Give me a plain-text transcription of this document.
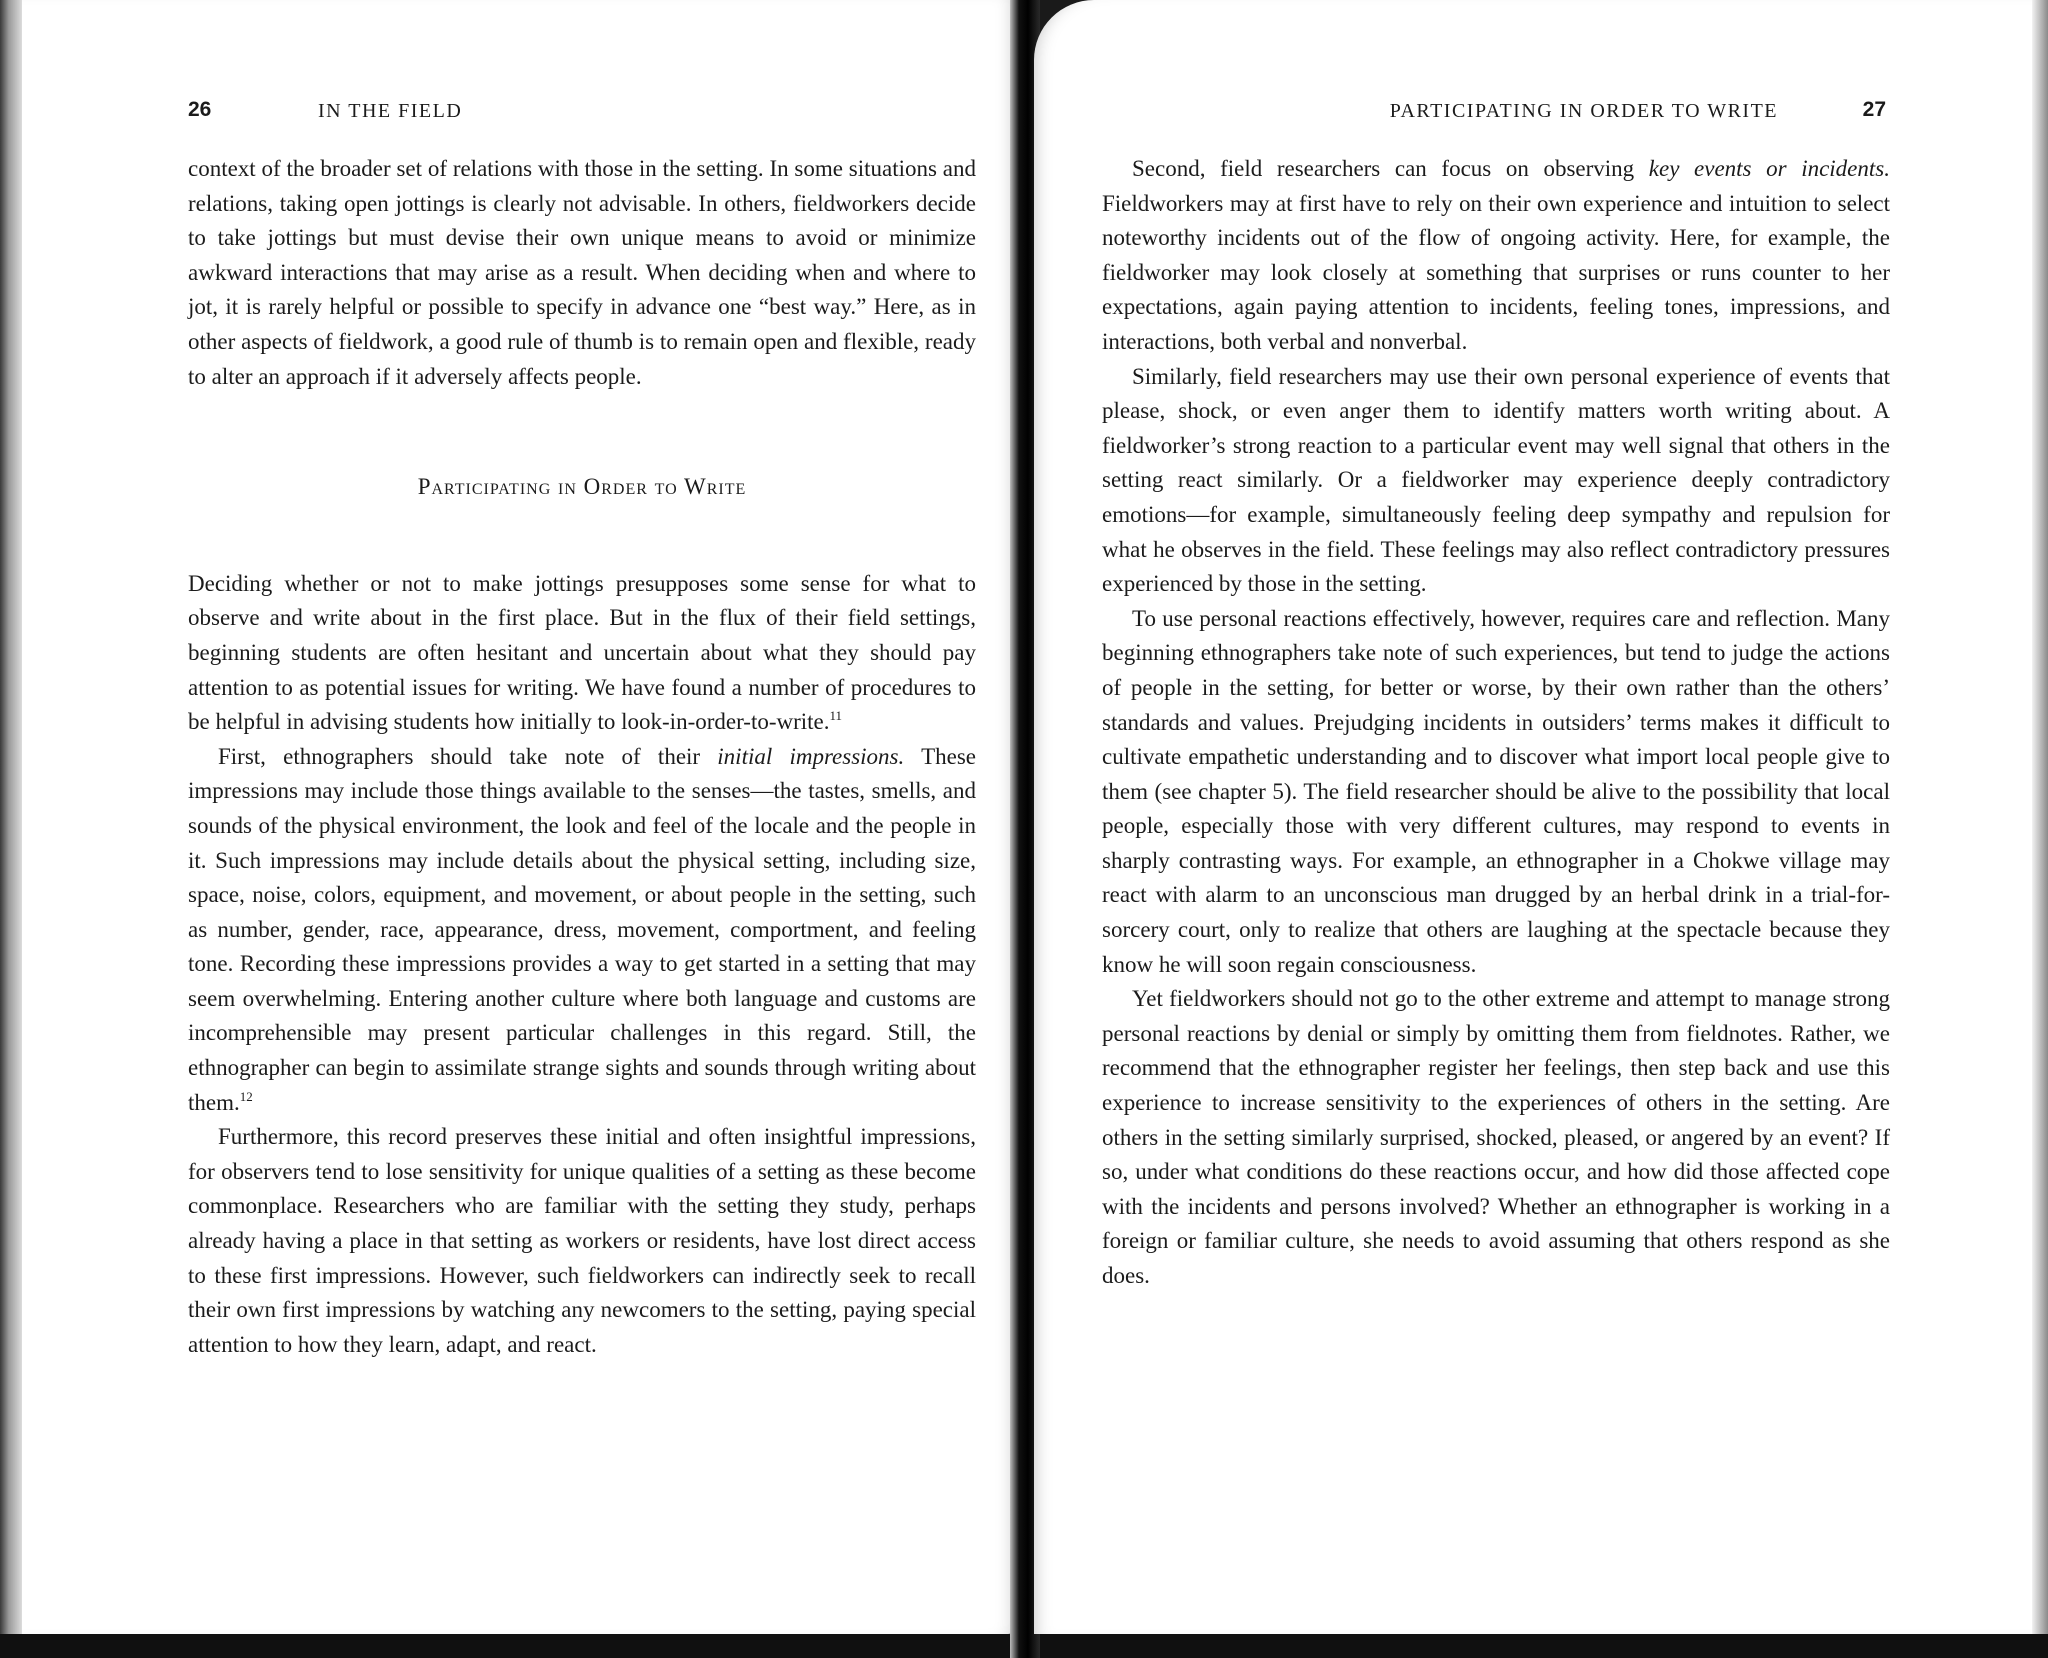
26	IN THE FIELD

context of the broader set of relations with those in the setting. In some situations and relations, taking open jottings is clearly not advisable. In others, fieldworkers decide to take jottings but must devise their own unique means to avoid or minimize awkward interactions that may arise as a result. When deciding when and where to jot, it is rarely helpful or possible to specify in advance one “best way.” Here, as in other aspects of fieldwork, a good rule of thumb is to remain open and flexible, ready to alter an approach if it adversely affects people.

Participating in Order to Write

Deciding whether or not to make jottings presupposes some sense for what to observe and write about in the first place. But in the flux of their field settings, beginning students are often hesitant and uncertain about what they should pay attention to as potential issues for writing. We have found a number of procedures to be helpful in advising students how initially to look-in-order-to-write.$^{11}$

First, ethnographers should take note of their initial impressions. These impressions may include those things available to the senses—the tastes, smells, and sounds of the physical environment, the look and feel of the locale and the people in it. Such impressions may include details about the physical setting, including size, space, noise, colors, equipment, and movement, or about people in the setting, such as number, gender, race, appearance, dress, movement, comportment, and feeling tone. Recording these impressions provides a way to get started in a setting that may seem overwhelming. Entering another culture where both language and customs are incomprehensible may present particular challenges in this regard. Still, the ethnographer can begin to assimilate strange sights and sounds through writing about them.$^{12}$

Furthermore, this record preserves these initial and often insightful impressions, for observers tend to lose sensitivity for unique qualities of a setting as these become commonplace. Researchers who are familiar with the setting they study, perhaps already having a place in that setting as workers or residents, have lost direct access to these first impressions. However, such fieldworkers can indirectly seek to recall their own first impressions by watching any newcomers to the setting, paying special attention to how they learn, adapt, and react.

PARTICIPATING IN ORDER TO WRITE	27

Second, field researchers can focus on observing key events or incidents. Fieldworkers may at first have to rely on their own experience and intuition to select noteworthy incidents out of the flow of ongoing activity. Here, for example, the fieldworker may look closely at something that surprises or runs counter to her expectations, again paying attention to incidents, feeling tones, impressions, and interactions, both verbal and nonverbal.

Similarly, field researchers may use their own personal experience of events that please, shock, or even anger them to identify matters worth writing about. A fieldworker’s strong reaction to a particular event may well signal that others in the setting react similarly. Or a fieldworker may experience deeply contradictory emotions—for example, simultaneously feeling deep sympathy and repulsion for what he observes in the field. These feelings may also reflect contradictory pressures experienced by those in the setting.

To use personal reactions effectively, however, requires care and reflection. Many beginning ethnographers take note of such experiences, but tend to judge the actions of people in the setting, for better or worse, by their own rather than the others’ standards and values. Prejudging incidents in outsiders’ terms makes it difficult to cultivate empathetic understanding and to discover what import local people give to them (see chapter 5). The field researcher should be alive to the possibility that local people, especially those with very different cultures, may respond to events in sharply contrasting ways. For example, an ethnographer in a Chokwe village may react with alarm to an unconscious man drugged by an herbal drink in a trial-for-sorcery court, only to realize that others are laughing at the spectacle because they know he will soon regain consciousness.

Yet fieldworkers should not go to the other extreme and attempt to manage strong personal reactions by denial or simply by omitting them from fieldnotes. Rather, we recommend that the ethnographer register her feelings, then step back and use this experience to increase sensitivity to the experiences of others in the setting. Are others in the setting similarly surprised, shocked, pleased, or angered by an event? If so, under what conditions do these reactions occur, and how did those affected cope with the incidents and persons involved? Whether an ethnographer is working in a foreign or familiar culture, she needs to avoid assuming that others respond as she does.
